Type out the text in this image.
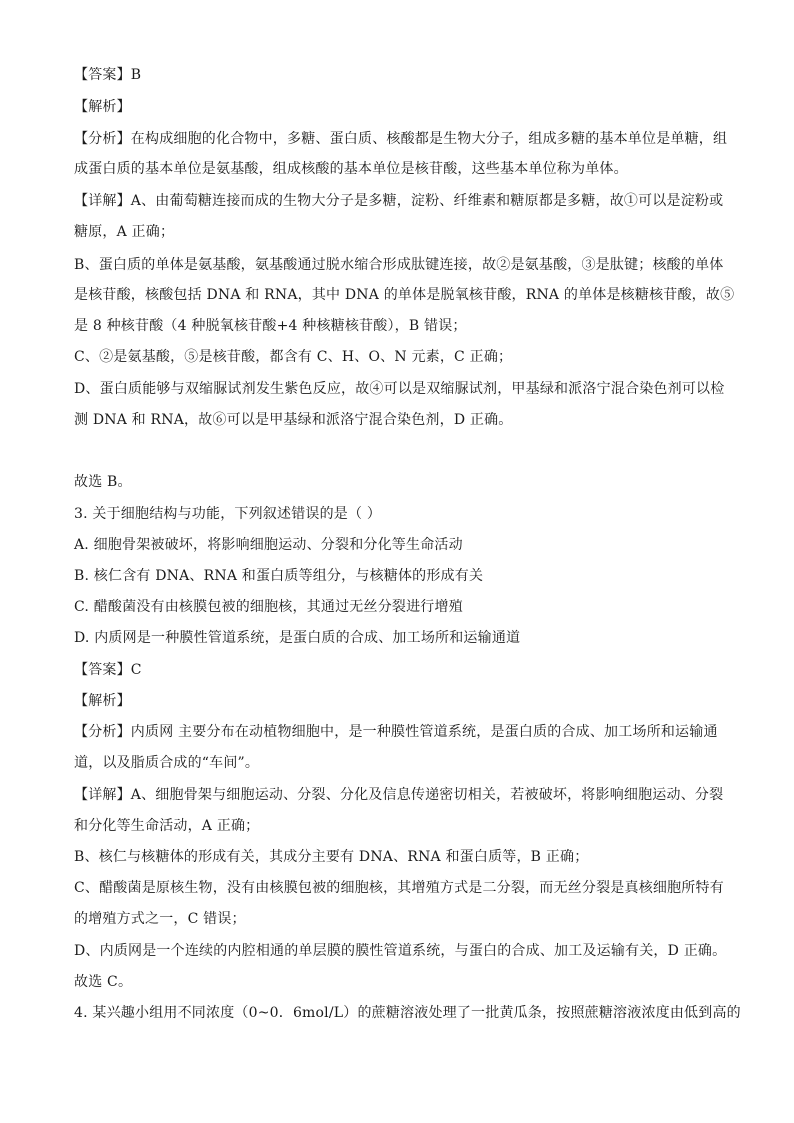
【答案】B
【解析】
【分析】在构成细胞的化合物中，多糖、蛋白质、核酸都是生物大分子，组成多糖的基本单位是单糖，组
成蛋白质的基本单位是氨基酸，组成核酸的基本单位是核苷酸，这些基本单位称为单体。
【详解】A、由葡萄糖连接而成的生物大分子是多糖，淀粉、纤维素和糖原都是多糖，故①可以是淀粉或
糖原，A 正确；
B、蛋白质的单体是氨基酸，氨基酸通过脱水缩合形成肽键连接，故②是氨基酸，③是肽键；核酸的单体
是核苷酸，核酸包括 DNA 和 RNA，其中 DNA 的单体是脱氧核苷酸，RNA 的单体是核糖核苷酸，故⑤
是 8 种核苷酸（4 种脱氧核苷酸+4 种核糖核苷酸），B 错误；
C、②是氨基酸，⑤是核苷酸，都含有 C、H、O、N 元素，C 正确；
D、蛋白质能够与双缩脲试剂发生紫色反应，故④可以是双缩脲试剂，甲基绿和派洛宁混合染色剂可以检
测 DNA 和 RNA，故⑥可以是甲基绿和派洛宁混合染色剂，D 正确。
故选 B。
3. 关于细胞结构与功能，下列叙述错误的是（ ）
A. 细胞骨架被破坏，将影响细胞运动、分裂和分化等生命活动
B. 核仁含有 DNA、RNA 和蛋白质等组分，与核糖体的形成有关
C. 醋酸菌没有由核膜包被的细胞核，其通过无丝分裂进行增殖
D. 内质网是一种膜性管道系统，是蛋白质的合成、加工场所和运输通道
【答案】C
【解析】
【分析】内质网 主要分布在动植物细胞中，是一种膜性管道系统，是蛋白质的合成、加工场所和运输通
道，以及脂质合成的“车间”。
【详解】A、细胞骨架与细胞运动、分裂、分化及信息传递密切相关，若被破坏，将影响细胞运动、分裂
和分化等生命活动，A 正确；
B、核仁与核糖体的形成有关，其成分主要有 DNA、RNA 和蛋白质等，B 正确；
C、醋酸菌是原核生物，没有由核膜包被的细胞核，其增殖方式是二分裂，而无丝分裂是真核细胞所特有
的增殖方式之一，C 错误；
D、内质网是一个连续的内腔相通的单层膜的膜性管道系统，与蛋白的合成、加工及运输有关，D 正确。
故选 C。
4. 某兴趣小组用不同浓度（0~0．6mol/L）的蔗糖溶液处理了一批黄瓜条，按照蔗糖溶液浓度由低到高的
